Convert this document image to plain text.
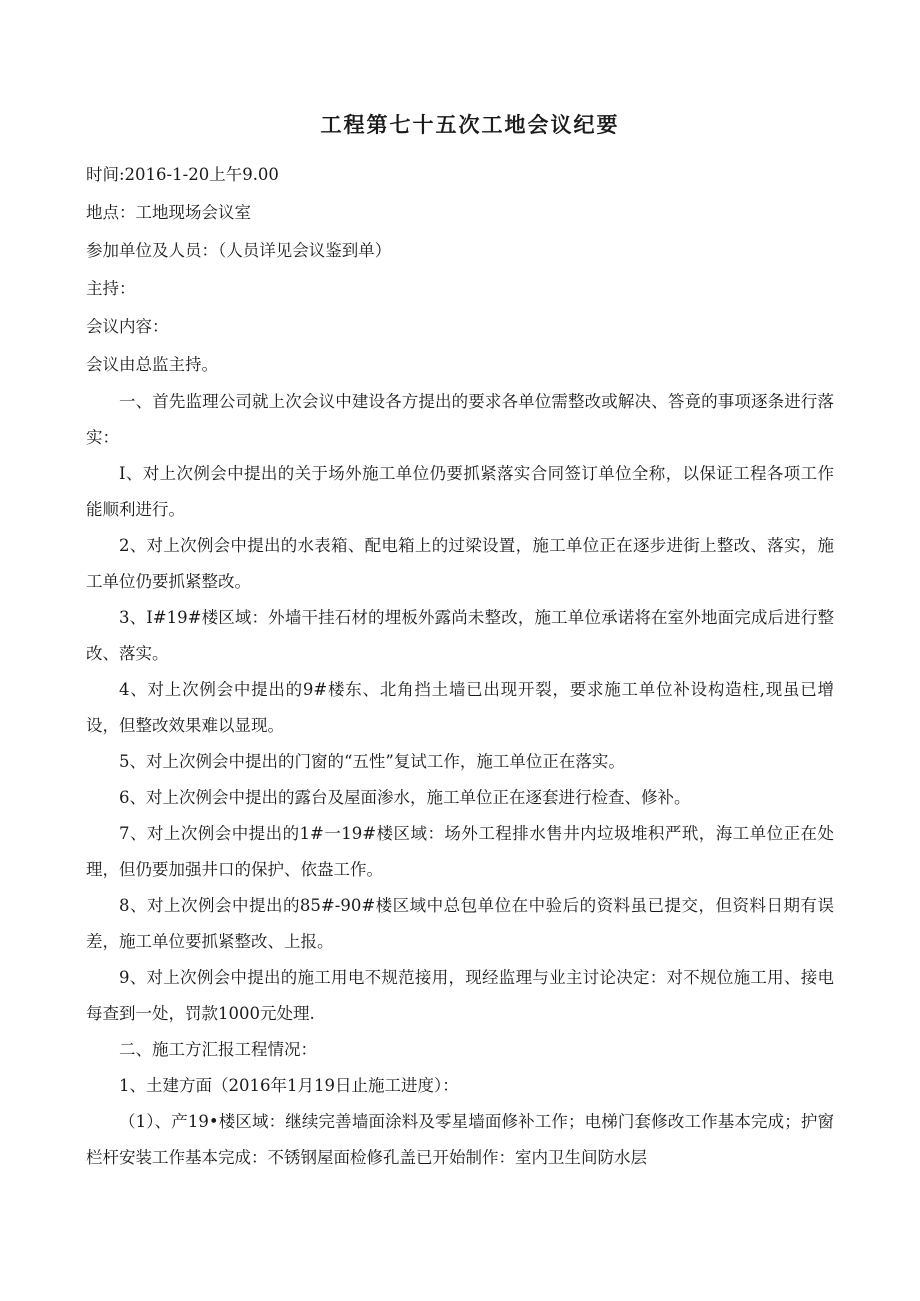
工程第七十五次工地会议纪要

时间:2016-1-20上午9.00

地点：工地现场会议室

参加单位及人员：（人员详见会议鉴到单）

主持：

会议内容：

会议由总监主持。

一、首先监理公司就上次会议中建设各方提出的要求各单位需整改或解决、答竟的事项逐条进行落实：

I、对上次例会中提出的关于场外施工单位仍要抓紧落实合同签订单位全称，以保证工程各项工作能顺利进行。

2、对上次例会中提出的水表箱、配电箱上的过梁设置，施工单位正在逐步进街上整改、落实，施工单位仍要抓紧整改。

3、I#19#楼区域：外墙干挂石材的埋板外露尚未整改，施工单位承诺将在室外地面完成后进行整改、落实。

4、对上次例会中提出的9#楼东、北角挡土墙已出现开裂，要求施工单位补设构造柱,现虽已增设，但整改效果难以显现。

5、对上次例会中提出的门窗的“五性”复试工作，施工单位正在落实。

6、对上次例会中提出的露台及屋面渗水，施工单位正在逐套进行检查、修补。

7、对上次例会中提出的1#一19#楼区域：场外工程排水售井内垃圾堆积严玳，海工单位正在处理，但仍要加强井口的保护、依盎工作。

8、对上次例会中提出的85#-90#楼区域中总包单位在中验后的资料虽已提交，但资料日期有误差，施工单位要抓紧整改、上报。

9、对上次例会中提出的施工用电不规范接用，现经监理与业主讨论决定：对不规位施工用、接电每查到一处，罚款1000元处理.

二、施工方汇报工程情况：

1、土建方面（2016年1月19日止施工进度）：

（1）、产19•楼区域：继续完善墙面涂料及零星墙面修补工作；电梯门套修改工作基本完成；护窗栏杆安装工作基本完成：不锈钢屋面检修孔盖已开始制作：室内卫生间防水层
